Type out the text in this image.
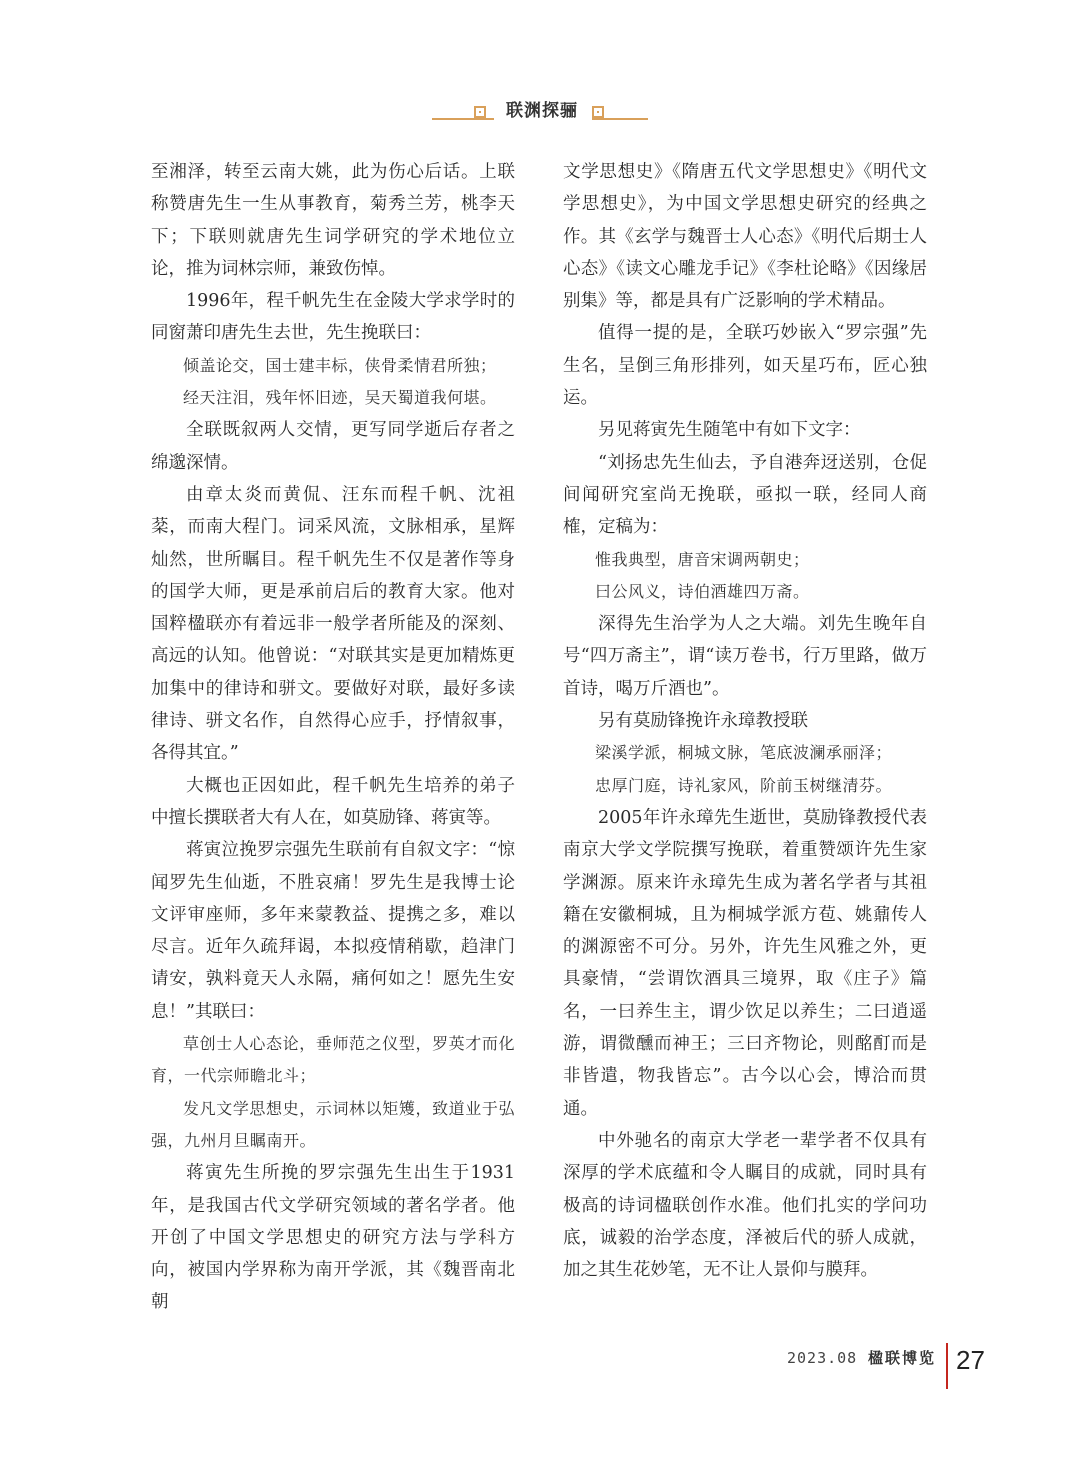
联渊探骊

至湘泽，转至云南大姚，此为伤心后话。上联称赞唐先生一生从事教育，菊秀兰芳，桃李天下；下联则就唐先生词学研究的学术地位立论，推为词林宗师，兼致伤悼。

1996年，程千帆先生在金陵大学求学时的同窗萧印唐先生去世，先生挽联曰：

倾盖论交，国士建丰标，侠骨柔情君所独；

经天注泪，残年怀旧迹，吴天蜀道我何堪。

全联既叙两人交情，更写同学逝后存者之绵邈深情。

由章太炎而黄侃、汪东而程千帆、沈祖棻，而南大程门。词采风流，文脉相承，星辉灿然，世所瞩目。程千帆先生不仅是著作等身的国学大师，更是承前启后的教育大家。他对国粹楹联亦有着远非一般学者所能及的深刻、高远的认知。他曾说：“对联其实是更加精炼更加集中的律诗和骈文。要做好对联，最好多读律诗、骈文名作，自然得心应手，抒情叙事，各得其宜。”

大概也正因如此，程千帆先生培养的弟子中擅长撰联者大有人在，如莫励锋、蒋寅等。

蒋寅泣挽罗宗强先生联前有自叙文字：“惊闻罗先生仙逝，不胜哀痛！罗先生是我博士论文评审座师，多年来蒙教益、提携之多，难以尽言。近年久疏拜谒，本拟疫情稍歇，趋津门请安，孰料竟天人永隔，痛何如之！愿先生安息！”其联曰：

草创士人心态论，垂师范之仪型，罗英才而化育，一代宗师瞻北斗；

发凡文学思想史，示词林以矩矱，致道业于弘强，九州月旦瞩南开。

蒋寅先生所挽的罗宗强先生出生于1931年，是我国古代文学研究领域的著名学者。他开创了中国文学思想史的研究方法与学科方向，被国内学界称为南开学派，其《魏晋南北朝

文学思想史》《隋唐五代文学思想史》《明代文学思想史》，为中国文学思想史研究的经典之作。其《玄学与魏晋士人心态》《明代后期士人心态》《读文心雕龙手记》《李杜论略》《因缘居别集》等，都是具有广泛影响的学术精品。

值得一提的是，全联巧妙嵌入“罗宗强”先生名，呈倒三角形排列，如天星巧布，匠心独运。

另见蒋寅先生随笔中有如下文字：

“刘扬忠先生仙去，予自港奔迓送别，仓促间闻研究室尚无挽联，亟拟一联，经同人商榷，定稿为：

惟我典型，唐音宋调两朝史；

曰公风义，诗伯酒雄四万斋。

深得先生治学为人之大端。刘先生晚年自号“四万斋主”，谓“读万卷书，行万里路，做万首诗，喝万斤酒也”。

另有莫励锋挽许永璋教授联

梁溪学派，桐城文脉，笔底波澜承丽泽；

忠厚门庭，诗礼家风，阶前玉树继清芬。

2005年许永璋先生逝世，莫励锋教授代表南京大学文学院撰写挽联，着重赞颂许先生家学渊源。原来许永璋先生成为著名学者与其祖籍在安徽桐城，且为桐城学派方苞、姚鼐传人的渊源密不可分。另外，许先生风雅之外，更具豪情，“尝谓饮酒具三境界，取《庄子》篇名，一曰养生主，谓少饮足以养生；二曰逍遥游，谓微醺而神王；三曰齐物论，则酩酊而是非皆遣，物我皆忘”。古今以心会，博洽而贯通。

中外驰名的南京大学老一辈学者不仅具有深厚的学术底蕴和令人瞩目的成就，同时具有极高的诗词楹联创作水准。他们扎实的学问功底，诚毅的治学态度，泽被后代的骄人成就，加之其生花妙笔，无不让人景仰与膜拜。

2023.08 楹联博览 27
